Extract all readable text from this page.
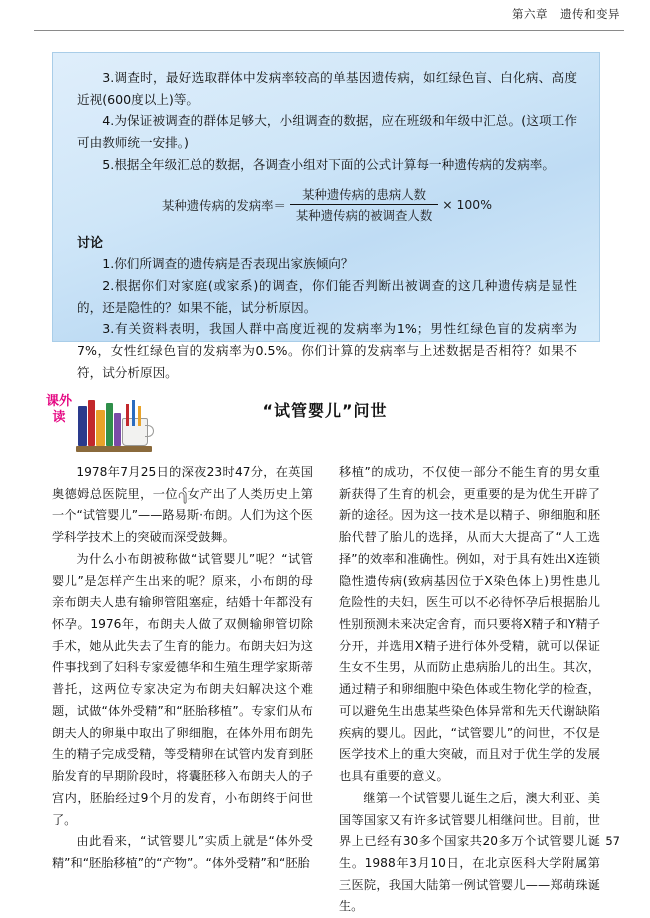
第六章 遗传和变异
3.调查时，最好选取群体中发病率较高的单基因遗传病，如红绿色盲、白化病、高度近视(600度以上)等。
4.为保证被调查的群体足够大，小组调查的数据，应在班级和年级中汇总。(这项工作可由教师统一安排。)
5.根据全年级汇总的数据，各调查小组对下面的公式计算每一种遗传病的发病率。
某种遗传病的发病率＝ $\frac{\text{某种遗传病的患病人数}}{\text{某种遗传病的被调查人数}} \times 100\%$
讨论
1.你们所调查的遗传病是否表现出家族倾向？
2.根据你们对家庭(或家系)的调查，你们能否判断出被调查的这几种遗传病是显性的，还是隐性的？如果不能，试分析原因。
3.有关资料表明，我国人群中高度近视的发病率为1%；男性红绿色盲的发病率为7%，女性红绿色盲的发病率为0.5%。你们计算的发病率与上述数据是否相符？如果不符，试分析原因。
课外读	“试管婴儿”问世

1978年7月25日的深夜23时47分，在英国奥德姆总医院里，一位႟女产出了人类历史上第一个“试管婴儿”——路易斯·布朗。人们为这个医学科学技术上的突破而深受鼓舞。

为什么小布朗被称做“试管婴儿”呢？“试管婴儿”是怎样产生出来的呢？原来，小布朗的母亲布朗夫人患有输卵管阻塞症，结婚十年都没有怀孕。1976年，布朗夫人做了双侧输卵管切除手术，她从此失去了生育的能力。布朗夫妇为这件事找到了妇科专家爱德华和生殖生理学家斯蒂普托，这两位专家决定为布朗夫妇解决这个难题，试做“体外受精”和“胚胎移植”。专家们从布朗夫人的卵巢中取出了卵细胞，在体外用布朗先生的精子完成受精，等受精卵在试管内发育到胚胎发育的早期阶段时，将囊胚移入布朗夫人的子宫内，胚胎经过9个月的发育，小布朗终于问世了。

由此看来，“试管婴儿”实质上就是“体外受精”和“胚胎移植”的“产物”。“体外受精”和“胚胎

移植”的成功，不仅使一部分不能生育的男女重新获得了生育的机会，更重要的是为优生开辟了新的途径。因为这一技术是以精子、卵细胞和胚胎代替了胎儿的选择，从而大大提高了“人工选择”的效率和准确性。例如，对于具有姓出X连锁隐性遗传病(致病基因位于X染色体上)男性患儿危险性的夫妇，医生可以不必待怀孕后根据胎儿性别预测未来决定舍育，而只要将X精子和Y精子分开，并选用X精子进行体外受精，就可以保证生女不生男，从而防止患病胎儿的出生。其次，通过精子和卵细胞中染色体或生物化学的检查，可以避免生出患某些染色体异常和先天代谢缺陷疾病的婴儿。因此，“试管婴儿”的问世，不仅是医学技术上的重大突破，而且对于优生学的发展也具有重要的意义。

继第一个试管婴儿诞生之后，澳大利亚、美国等国家又有许多试管婴儿相继问世。目前，世界上已经有30多个国家共20多万个试管婴儿诞生。1988年3月10日，在北京医科大学附属第三医院，我国大陆第一例试管婴儿——郑萌珠诞生。

57
